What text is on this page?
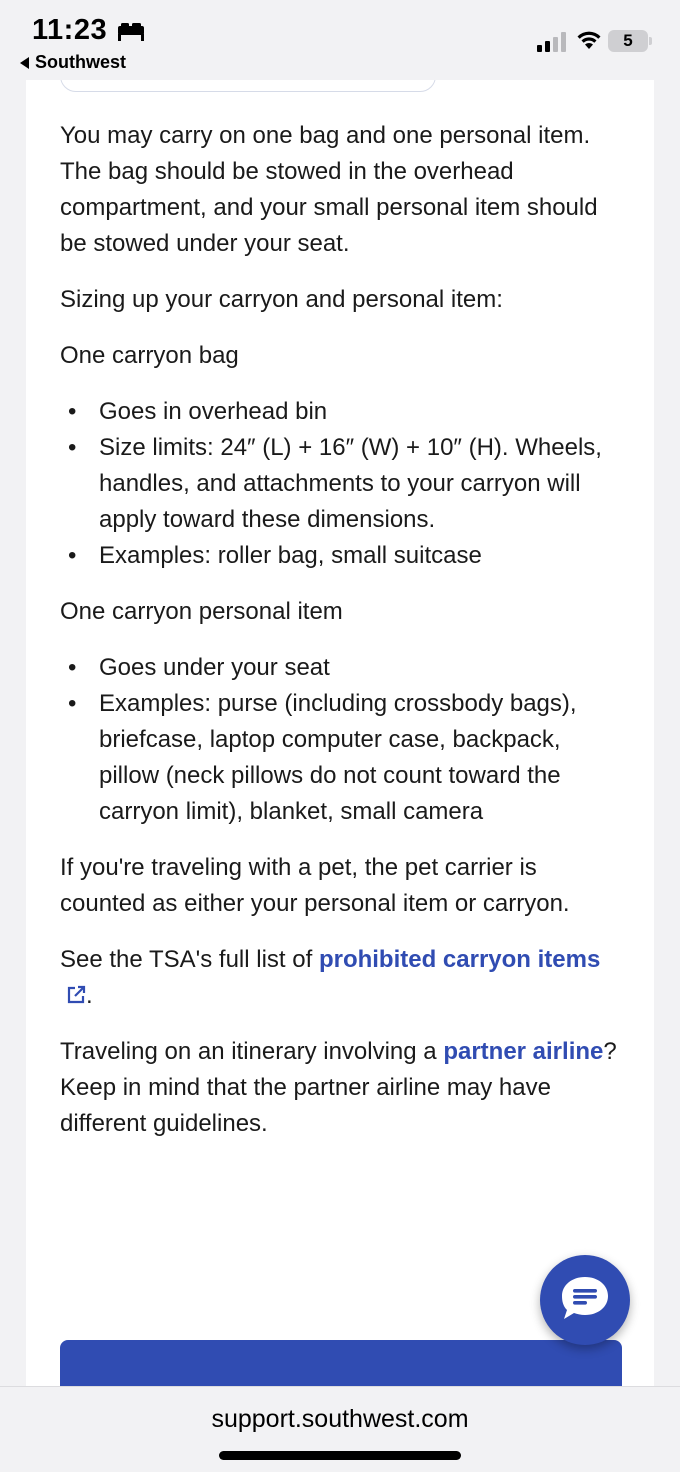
11:23
Southwest
5

You may carry on one bag and one personal item. The bag should be stowed in the overhead compartment, and your small personal item should be stowed under your seat.

Sizing up your carryon and personal item:

One carryon bag

• Goes in overhead bin
• Size limits: 24″ (L) + 16″ (W) + 10″ (H). Wheels, handles, and attachments to your carryon will apply toward these dimensions.
• Examples: roller bag, small suitcase

One carryon personal item

• Goes under your seat
• Examples: purse (including crossbody bags), briefcase, laptop computer case, backpack, pillow (neck pillows do not count toward the carryon limit), blanket, small camera

If you're traveling with a pet, the pet carrier is counted as either your personal item or carryon.

See the TSA's full list of prohibited carryon items.

Traveling on an itinerary involving a partner airline? Keep in mind that the partner airline may have different guidelines.

support.southwest.com
